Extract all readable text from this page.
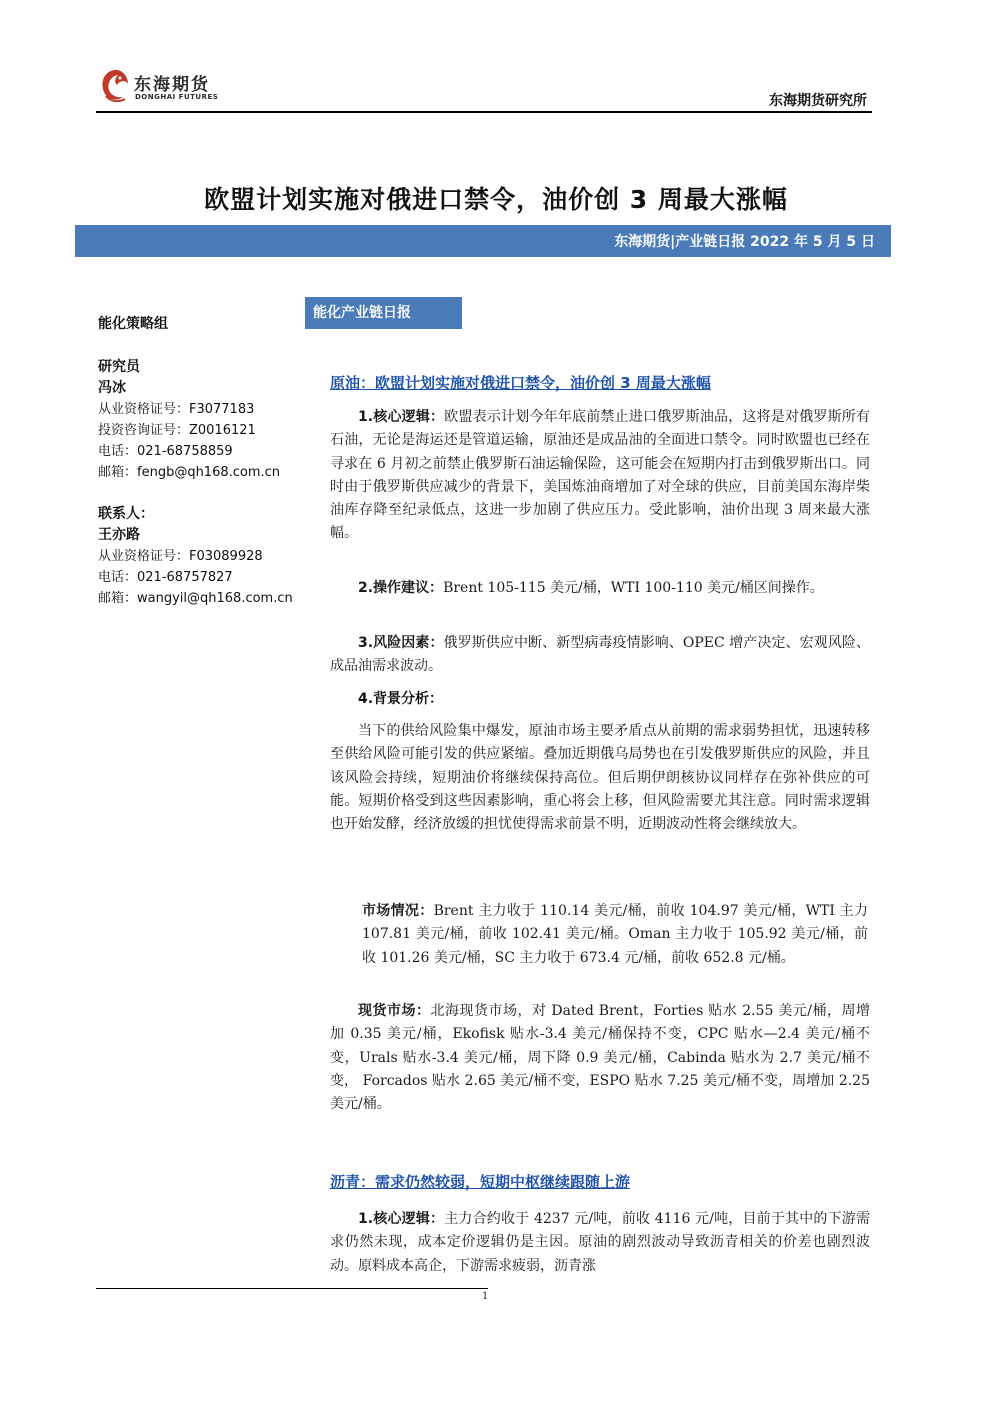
东海期货
DONGHAI FUTURES	东海期货研究所
欧盟计划实施对俄进口禁令，油价创 3 周最大涨幅
东海期货|产业链日报 2022 年 5 月 5 日
能化策略组
研究员
冯冰
从业资格证号：F3077183
投资咨询证号：Z0016121
电话：021-68758859
邮箱：fengb@qh168.com.cn
联系人：
王亦路
从业资格证号：F03089928
电话：021-68757827
邮箱：wangyil@qh168.com.cn
能化产业链日报
原油：欧盟计划实施对俄进口禁令，油价创 3 周最大涨幅
1.核心逻辑：欧盟表示计划今年年底前禁止进口俄罗斯油品，这将是对俄罗斯所有石油，无论是海运还是管道运输，原油还是成品油的全面进口禁令。同时欧盟也已经在寻求在 6 月初之前禁止俄罗斯石油运输保险，这可能会在短期内打击到俄罗斯出口。同时由于俄罗斯供应减少的背景下，美国炼油商增加了对全球的供应，目前美国东海岸柴油库存降至纪录低点，这进一步加剧了供应压力。受此影响，油价出现 3 周来最大涨幅。
2.操作建议：Brent 105-115 美元/桶，WTI 100-110 美元/桶区间操作。
3.风险因素：俄罗斯供应中断、新型病毒疫情影响、OPEC 增产决定、宏观风险、成品油需求波动。
4.背景分析：
当下的供给风险集中爆发，原油市场主要矛盾点从前期的需求弱势担忧，迅速转移至供给风险可能引发的供应紧缩。叠加近期俄乌局势也在引发俄罗斯供应的风险，并且该风险会持续，短期油价将继续保持高位。但后期伊朗核协议同样存在弥补供应的可能。短期价格受到这些因素影响，重心将会上移，但风险需要尤其注意。同时需求逻辑也开始发酵，经济放缓的担忧使得需求前景不明，近期波动性将会继续放大。
市场情况：Brent 主力收于 110.14 美元/桶，前收 104.97 美元/桶，WTI 主力 107.81 美元/桶，前收 102.41 美元/桶。Oman 主力收于 105.92 美元/桶，前收 101.26 美元/桶，SC 主力收于 673.4 元/桶，前收 652.8 元/桶。
现货市场：北海现货市场，对 Dated Brent，Forties 贴水 2.55 美元/桶，周增加 0.35 美元/桶，Ekofisk 贴水-3.4 美元/桶保持不变，CPC 贴水—2.4 美元/桶不变，Urals 贴水-3.4 美元/桶，周下降 0.9 美元/桶，Cabinda 贴水为 2.7 美元/桶不变， Forcados 贴水 2.65 美元/桶不变，ESPO 贴水 7.25 美元/桶不变，周增加 2.25 美元/桶。
沥青：需求仍然较弱，短期中枢继续跟随上游
1.核心逻辑：主力合约收于 4237 元/吨，前收 4116 元/吨，目前于其中的下游需求仍然未现，成本定价逻辑仍是主因。原油的剧烈波动导致沥青相关的价差也剧烈波动。原料成本高企，下游需求疲弱，沥青涨
1
